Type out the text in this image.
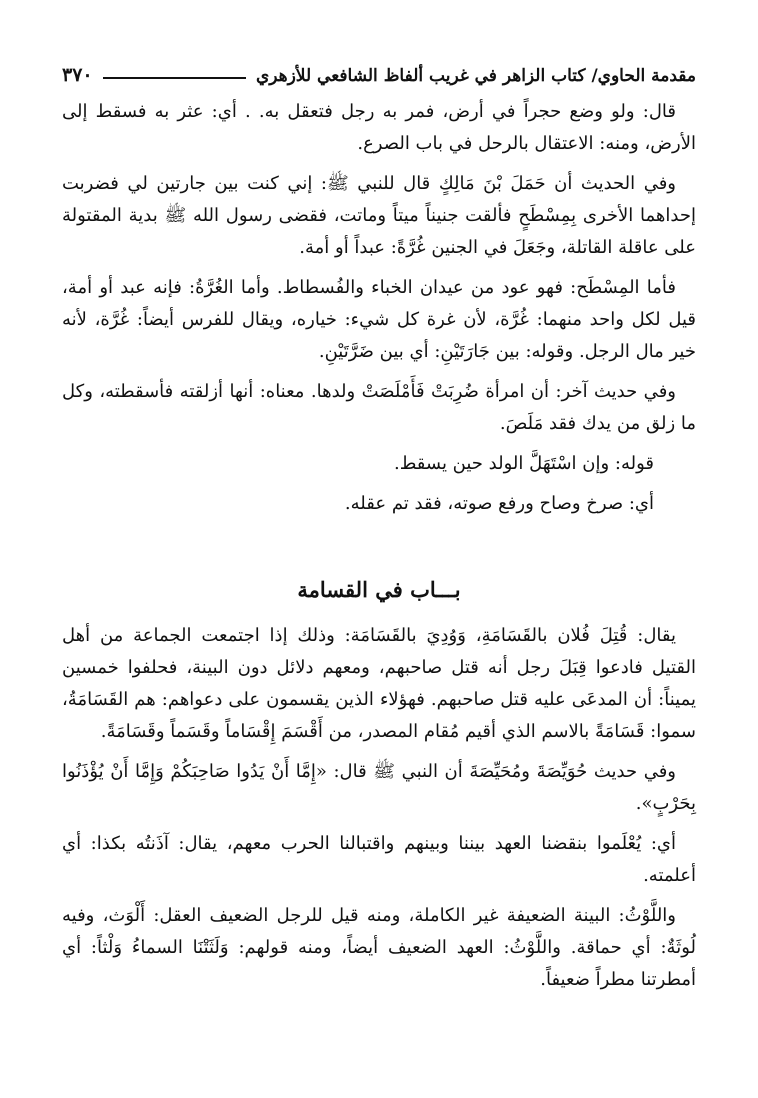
مقدمة الحاوي/ كتاب الزاهر في غريب ألفاظ الشافعي للأزهري
٣٧٠

قال: ولو وضع حجراً في أرض، فمر به رجل فتعقل به. . أي: عثر به فسقط إلى الأرض، ومنه: الاعتقال بالرحل في باب الصرع.

وفي الحديث أن حَمَلَ بْنَ مَالِكٍ قال للنبي ﷺ: إني كنت بين جارتين لي فضربت إحداهما الأخرى بِمِسْطَحٍ فألقت جنيناً ميتاً وماتت، فقضى رسول الله ﷺ بدية المقتولة على عاقلة القاتلة، وجَعَلَ في الجنين غُرَّةً: عبداً أو أمة.

فأما المِسْطَح: فهو عود من عيدان الخباء والفُسطاط. وأما الغُرَّةُ: فإنه عبد أو أمة، قيل لكل واحد منهما: غُرَّة، لأن غرة كل شيء: خياره، ويقال للفرس أيضاً: غُرَّة، لأنه خير مال الرجل. وقوله: بين جَارَتَيْنِ: أي بين ضَرَّتَيْنِ.

وفي حديث آخر: أن امرأة ضُرِبَتْ فَأَمْلَصَتْ ولدها. معناه: أنها أزلقته فأسقطته، وكل ما زلق من يدك فقد مَلَصَ.

قوله: وإن اسْتَهَلَّ الولد حين يسقط.

أي: صرخ وصاح ورفع صوته، فقد تم عقله.

بـــاب في القسامة

يقال: قُتِلَ فُلان بالقَسَامَةِ، وَوُدِيَ بالقَسَامَة: وذلك إذا اجتمعت الجماعة من أهل القتيل فادعوا قِبَلَ رجل أنه قتل صاحبهم، ومعهم دلائل دون البينة، فحلفوا خمسين يميناً: أن المدعَى عليه قتل صاحبهم. فهؤلاء الذين يقسمون على دعواهم: هم القَسَامَةُ، سموا: قَسَامَةً بالاسم الذي أقيم مُقام المصدر، من أَقْسَمَ إِقْسَاماً وقَسَماً وقَسَامَةً.

وفي حديث حُوَيِّصَةَ ومُحَيِّصَةَ أن النبي ﷺ قال: «إِمَّا أَنْ يَدُوا صَاحِبَكُمْ وَإِمَّا أَنْ يُؤْذَنُوا بِحَرْبٍ».

أي: يُعْلَموا بنقضنا العهد بيننا وبينهم واقتبالنا الحرب معهم، يقال: آذَنتُه بكذا: أي أعلمته.

واللَّوْثُ: البينة الضعيفة غير الكاملة، ومنه قيل للرجل الضعيف العقل: أَلْوَث، وفيه لُوثَةٌ: أي حماقة. واللَّوْثُ: العهد الضعيف أيضاً، ومنه قولهم: وَلَثَتْنَا السماءُ وَلْثاً: أي أمطرتنا مطراً ضعيفاً.
